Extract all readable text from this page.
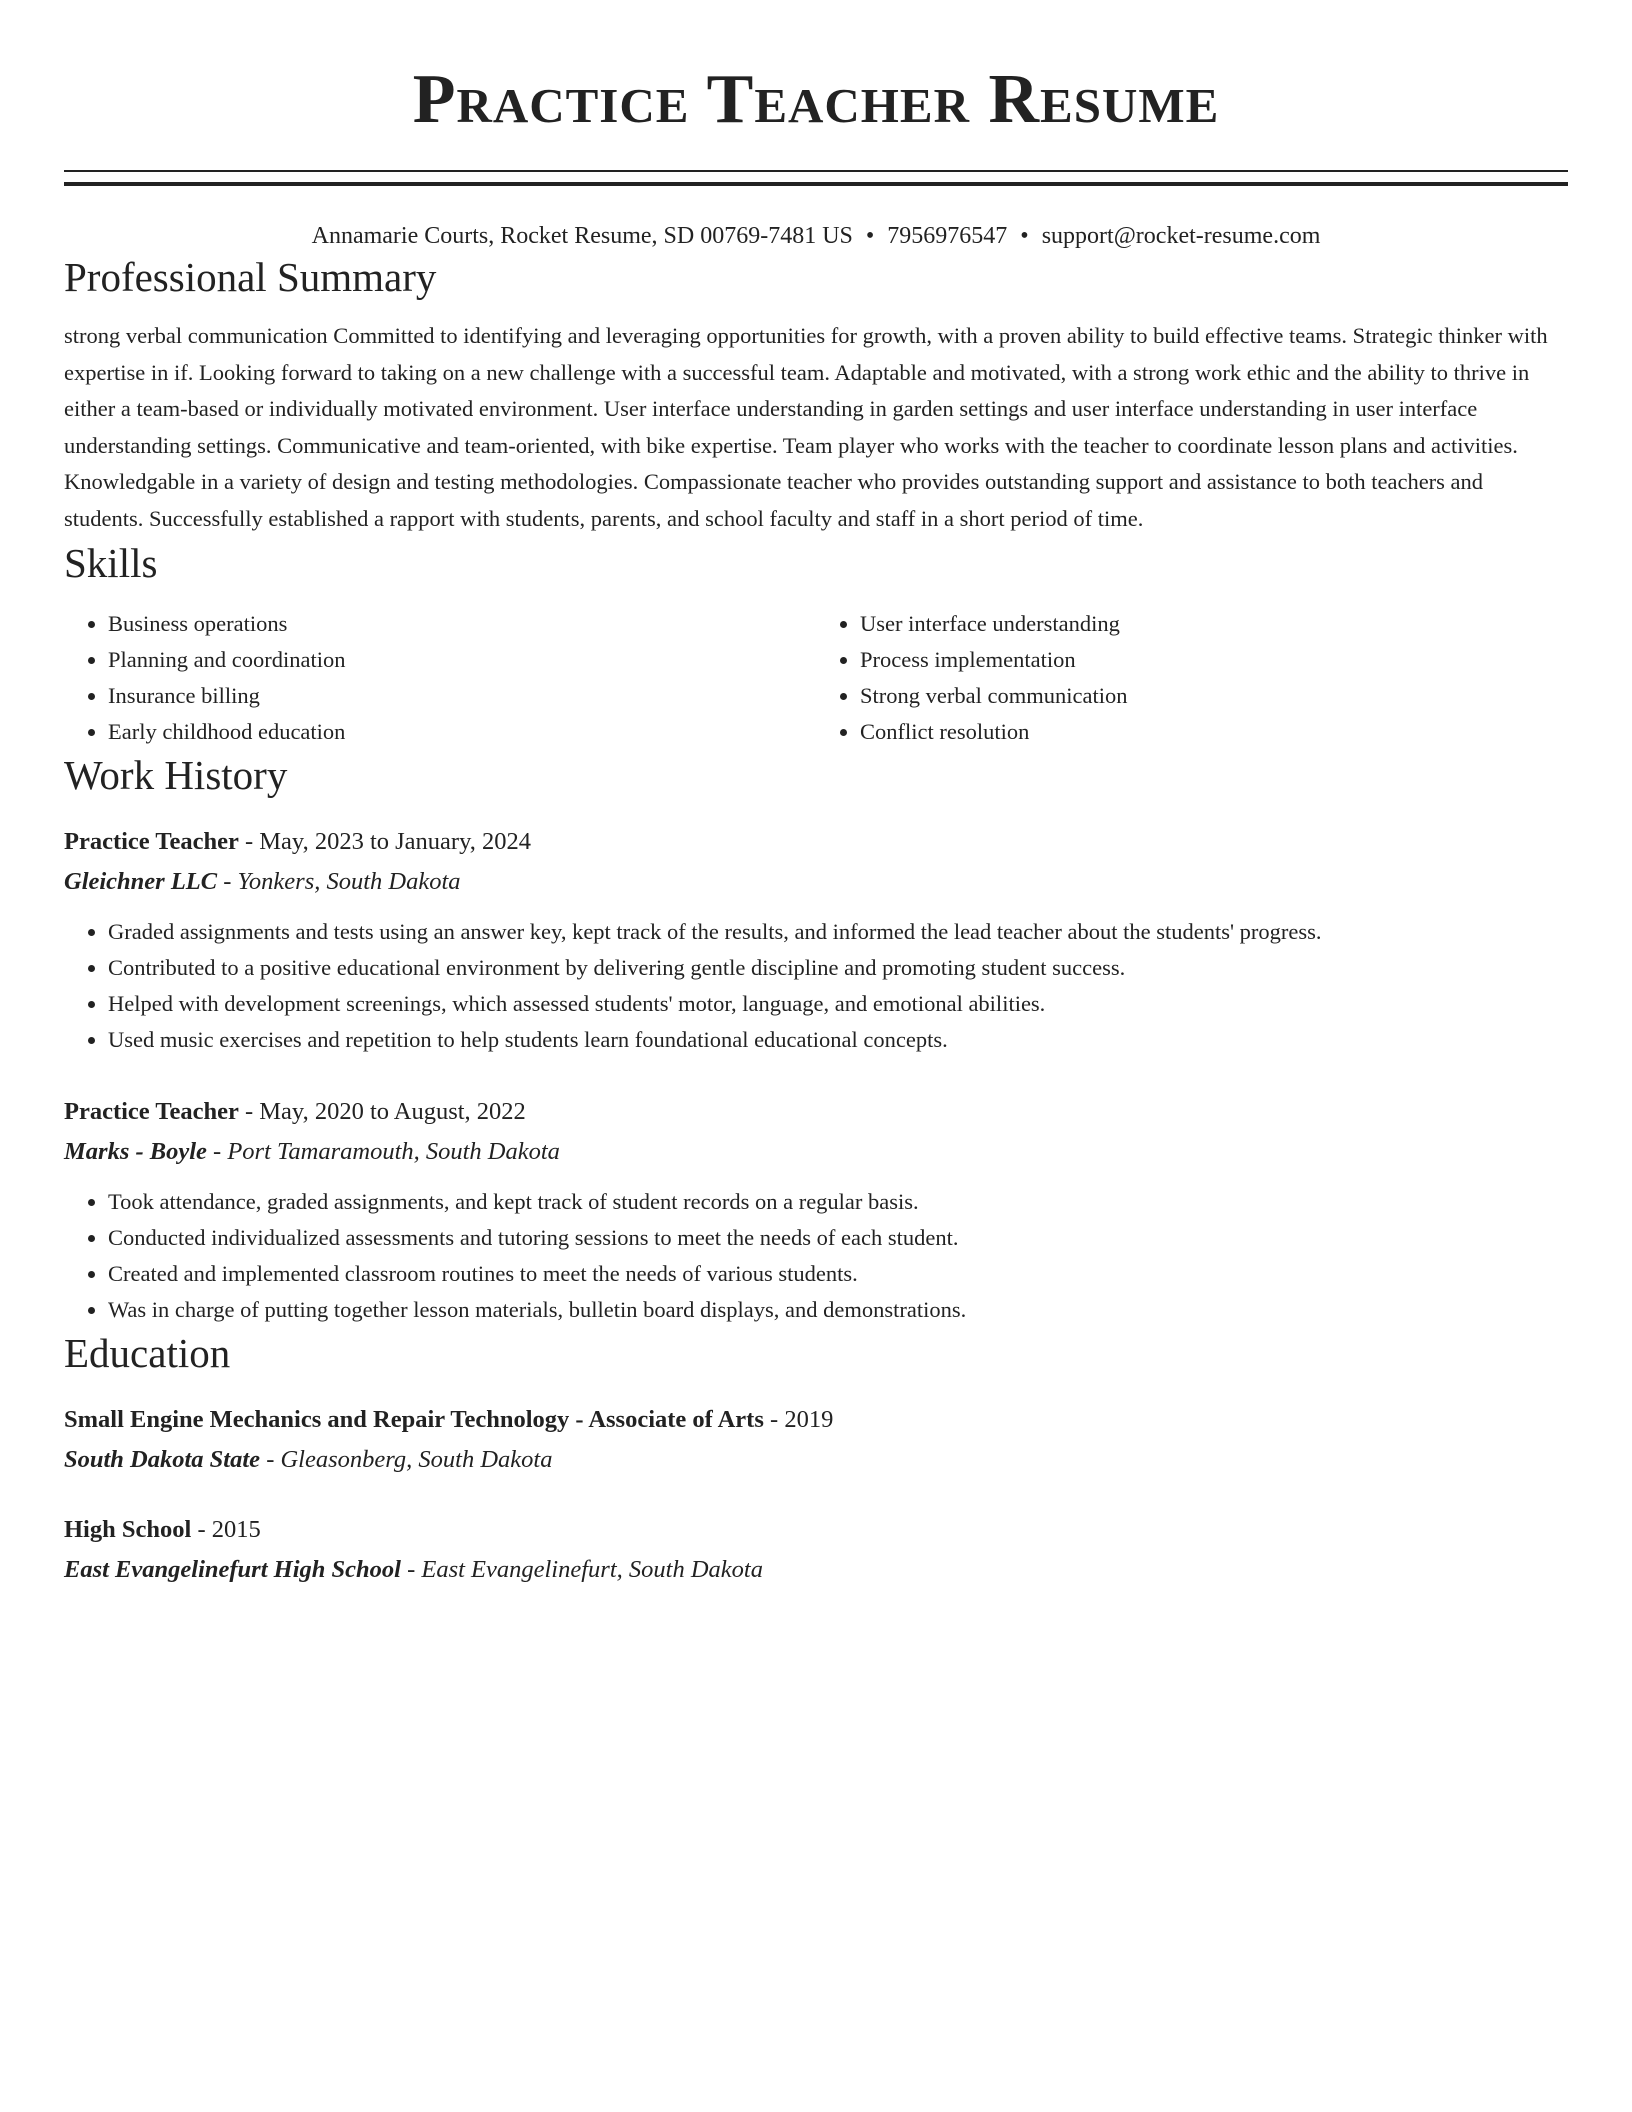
Practice Teacher Resume
Annamarie Courts, Rocket Resume, SD 00769-7481 US • 7956976547 • support@rocket-resume.com
Professional Summary
strong verbal communication Committed to identifying and leveraging opportunities for growth, with a proven ability to build effective teams. Strategic thinker with expertise in if. Looking forward to taking on a new challenge with a successful team. Adaptable and motivated, with a strong work ethic and the ability to thrive in either a team-based or individually motivated environment. User interface understanding in garden settings and user interface understanding in user interface understanding settings. Communicative and team-oriented, with bike expertise. Team player who works with the teacher to coordinate lesson plans and activities. Knowledgable in a variety of design and testing methodologies. Compassionate teacher who provides outstanding support and assistance to both teachers and students. Successfully established a rapport with students, parents, and school faculty and staff in a short period of time.
Skills
• Business operations
• Planning and coordination
• Insurance billing
• Early childhood education
• User interface understanding
• Process implementation
• Strong verbal communication
• Conflict resolution
Work History
Practice Teacher - May, 2023 to January, 2024
Gleichner LLC - Yonkers, South Dakota
• Graded assignments and tests using an answer key, kept track of the results, and informed the lead teacher about the students' progress.
• Contributed to a positive educational environment by delivering gentle discipline and promoting student success.
• Helped with development screenings, which assessed students' motor, language, and emotional abilities.
• Used music exercises and repetition to help students learn foundational educational concepts.
Practice Teacher - May, 2020 to August, 2022
Marks - Boyle - Port Tamaramouth, South Dakota
• Took attendance, graded assignments, and kept track of student records on a regular basis.
• Conducted individualized assessments and tutoring sessions to meet the needs of each student.
• Created and implemented classroom routines to meet the needs of various students.
• Was in charge of putting together lesson materials, bulletin board displays, and demonstrations.
Education
Small Engine Mechanics and Repair Technology - Associate of Arts - 2019
South Dakota State - Gleasonberg, South Dakota
High School - 2015
East Evangelinefurt High School - East Evangelinefurt, South Dakota
